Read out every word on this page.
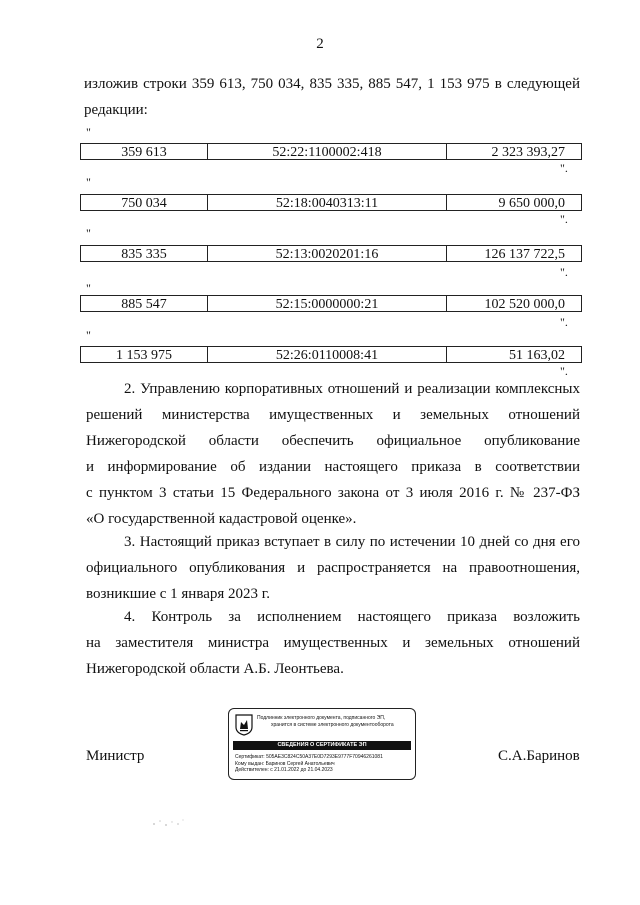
2
изложив строки 359 613, 750 034, 835 335, 885 547, 1 153 975 в следующей
редакции:
"
359 613	52:22:1100002:418	2 323 393,27
".
"
750 034	52:18:0040313:11	9 650 000,0
".
"
835 335	52:13:0020201:16	126 137 722,5
".
"
885 547	52:15:0000000:21	102 520 000,0
".
"
1 153 975	52:26:0110008:41	51 163,02
".
2. Управлению корпоративных отношений и реализации комплексных
решений министерства имущественных и земельных отношений
Нижегородской области обеспечить официальное опубликование
и информирование об издании настоящего приказа в соответствии
с пунктом 3 статьи 15 Федерального закона от 3 июля 2016 г. № 237-ФЗ
«О государственной кадастровой оценке».
3. Настоящий приказ вступает в силу по истечении 10 дней со дня его
официального опубликования и распространяется на правоотношения,
возникшие с 1 января 2023 г.
4. Контроль за исполнением настоящего приказа возложить
на заместителя министра имущественных и земельных отношений
Нижегородской области А.Б. Леонтьева.
Министр	С.А.Баринов
Подлинник электронного документа, подписанного ЭП,
хранится в системе электронного документооборота
СВЕДЕНИЯ О СЕРТИФИКАТЕ ЭП
Сертификат: 505AE3C824C50A37E0D7293E9777F70946261081
Кому выдан: Баринов Сергей Анатольевич
Действителен: с 21.01.2022 до 21.04.2023
